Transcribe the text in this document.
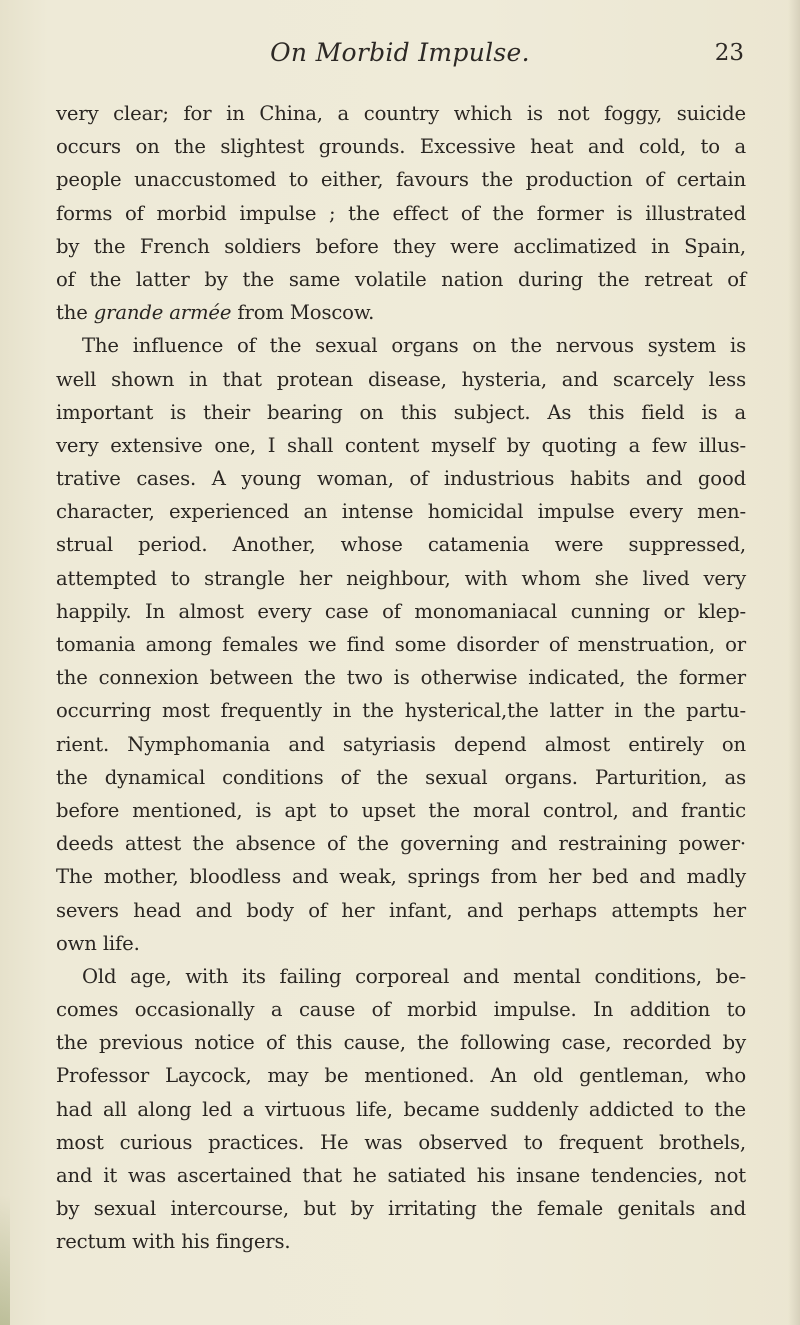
On Morbid Impulse.	23
very clear; for in China, a country which is not foggy, suicide
occurs on the slightest grounds. Excessive heat and cold, to a
people unaccustomed to either, favours the production of certain
forms of morbid impulse ; the effect of the former is illustrated
by the French soldiers before they were acclimatized in Spain,
of the latter by the same volatile nation during the retreat of
the grande armée from Moscow.
The influence of the sexual organs on the nervous system is
well shown in that protean disease, hysteria, and scarcely less
important is their bearing on this subject. As this field is a
very extensive one, I shall content myself by quoting a few illus-
trative cases. A young woman, of industrious habits and good
character, experienced an intense homicidal impulse every men-
strual period. Another, whose catamenia were suppressed,
attempted to strangle her neighbour, with whom she lived very
happily. In almost every case of monomaniacal cunning or klep-
tomania among females we find some disorder of menstruation, or
the connexion between the two is otherwise indicated, the former
occurring most frequently in the hysterical,the latter in the partu-
rient. Nymphomania and satyriasis depend almost entirely on
the dynamical conditions of the sexual organs. Parturition, as
before mentioned, is apt to upset the moral control, and frantic
deeds attest the absence of the governing and restraining power·
The mother, bloodless and weak, springs from her bed and madly
severs head and body of her infant, and perhaps attempts her
own life.
Old age, with its failing corporeal and mental conditions, be-
comes occasionally a cause of morbid impulse. In addition to
the previous notice of this cause, the following case, recorded by
Professor Laycock, may be mentioned. An old gentleman, who
had all along led a virtuous life, became suddenly addicted to the
most curious practices. He was observed to frequent brothels,
and it was ascertained that he satiated his insane tendencies, not
by sexual intercourse, but by irritating the female genitals and
rectum with his fingers.
